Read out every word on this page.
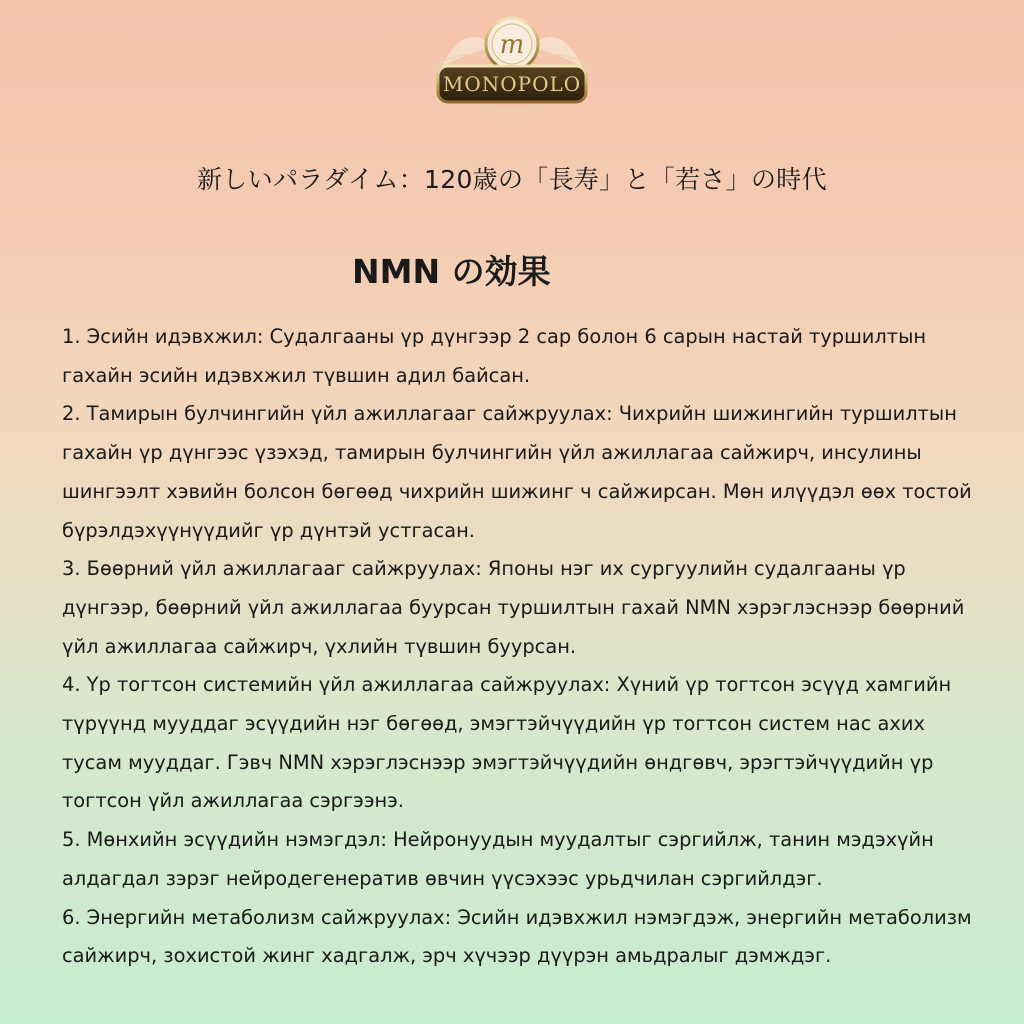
m
MONOPOLO
新しいパラダイム：120歳の「長寿」と「若さ」の時代
NMN の効果

1. Эсийн идэвхжил: Судалгааны үр дүнгээр 2 сар болон 6 сарын настай туршилтын гахайн эсийн идэвхжил түвшин адил байсан.

2. Тамирын булчингийн үйл ажиллагааг сайжруулах: Чихрийн шижингийн туршилтын гахайн үр дүнгээс үзэхэд, тамирын булчингийн үйл ажиллагаа сайжирч, инсулины шингээлт хэвийн болсон бөгөөд чихрийн шижинг ч сайжирсан. Мөн илүүдэл өөх тостой бүрэлдэхүүнүүдийг үр дүнтэй устгасан.

3. Бөөрний үйл ажиллагааг сайжруулах: Японы нэг их сургуулийн судалгааны үр дүнгээр, бөөрний үйл ажиллагаа буурсан туршилтын гахай NMN хэрэглэснээр бөөрний үйл ажиллагаа сайжирч, үхлийн түвшин буурсан.

4. Үр тогтсон системийн үйл ажиллагаа сайжруулах: Хүний үр тогтсон эсүүд хамгийн түрүүнд мууддаг эсүүдийн нэг бөгөөд, эмэгтэйчүүдийн үр тогтсон систем нас ахих тусам мууддаг. Гэвч NMN хэрэглэснээр эмэгтэйчүүдийн өндгөвч, эрэгтэйчүүдийн үр тогтсон үйл ажиллагаа сэргээнэ.

5. Мөнхийн эсүүдийн нэмэгдэл: Нейронуудын муудалтыг сэргийлж, танин мэдэхүйн алдагдал зэрэг нейродегенератив өвчин үүсэхээс урьдчилан сэргийлдэг.

6. Энергийн метаболизм сайжруулах: Эсийн идэвхжил нэмэгдэж, энергийн метаболизм сайжирч, зохистой жинг хадгалж, эрч хүчээр дүүрэн амьдралыг дэмждэг.
